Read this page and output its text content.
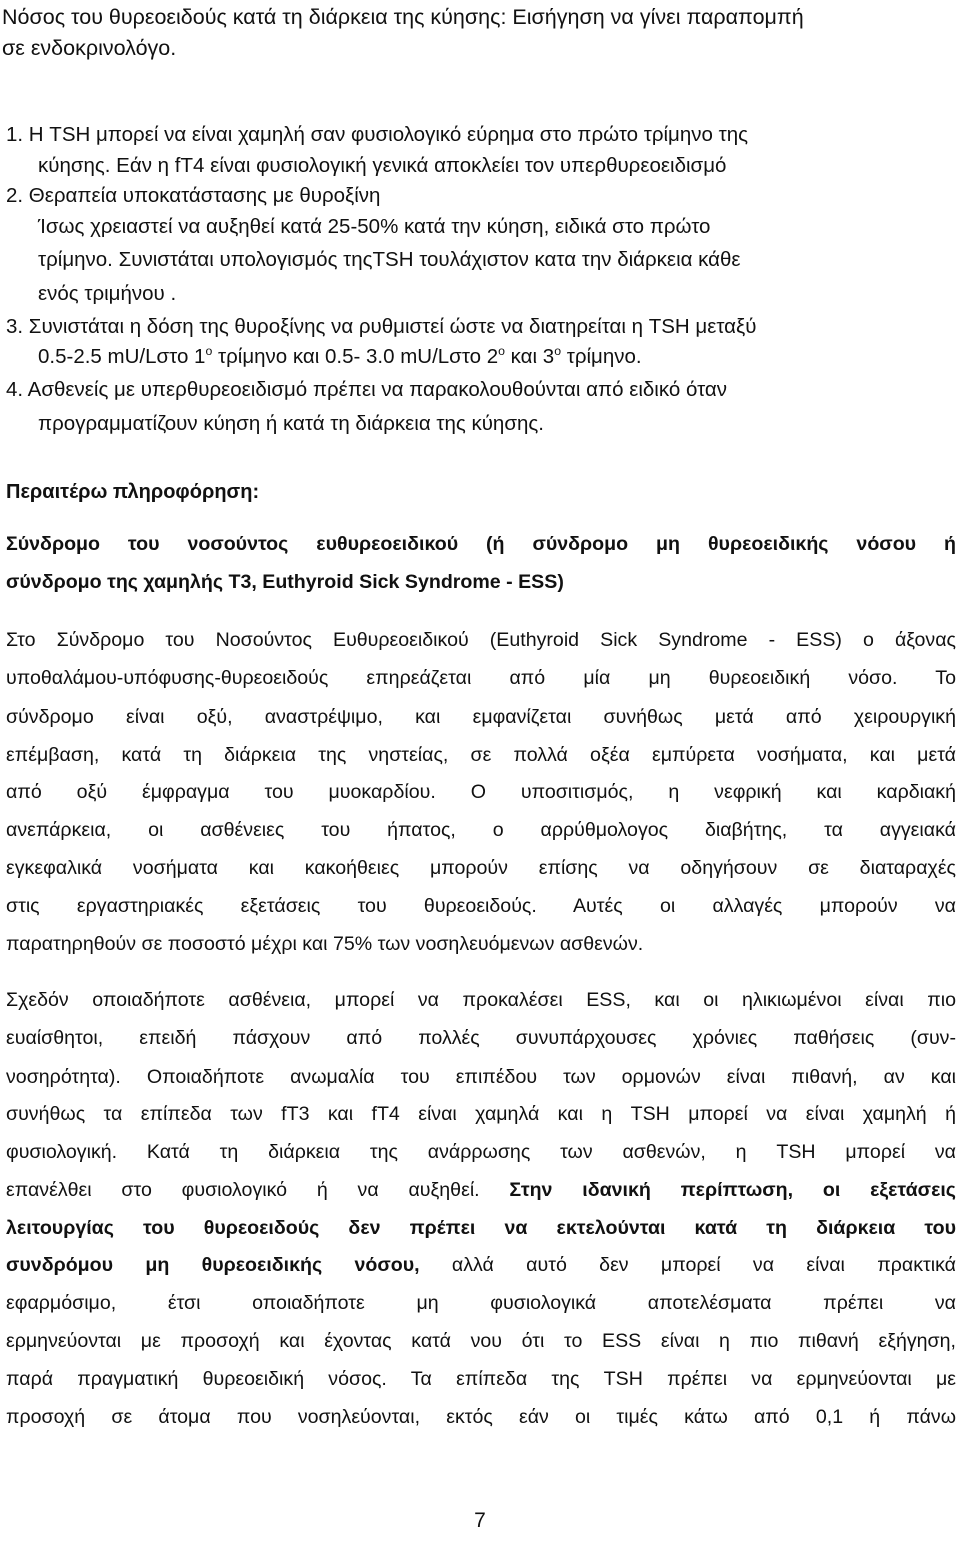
Νόσος του θυρεοειδούς κατά τη διάρκεια της κύησης: Εισήγηση να γίνει παραπομπή
σε ενδοκρινολόγο.
1. Η TSH μπορεί να είναι χαμηλή σαν φυσιολογικό εύρημα στο πρώτο τρίμηνο της
κύησης. Εάν η fT4 είναι φυσιολογική γενικά αποκλείει τον υπερθυρεοειδισμό
2. Θεραπεία υποκατάστασης με θυροξίνη
Ίσως χρειαστεί να αυξηθεί κατά 25-50% κατά την κύηση, ειδικά στο πρώτο
τρίμηνο. Συνιστάται υπολογισμός τηςTSH τουλάχιστον κατα την διάρκεια κάθε
ενός τριμήνου .
3. Συνιστάται η δόση της θυροξίνης να ρυθμιστεί ώστε να διατηρείται η TSH μεταξύ
0.5-2.5 mU/Lστο $1^o$ τρίμηνο και 0.5- 3.0 mU/Lστο $2^o$ και $3^o$ τρίμηνο.
4. Ασθενείς με υπερθυρεοειδισμό πρέπει να παρακολουθούνται από ειδικό όταν
προγραμματίζουν κύηση ή κατά τη διάρκεια της κύησης.
Περαιτέρω πληροφόρηση:
Σύνδρομο του νοσούντος ευθυρεοειδικού (ή σύνδρομο μη θυρεοειδικής νόσου ή
σύνδρομο της χαμηλής T3, Euthyroid Sick Syndrome - ESS)
Στο Σύνδρομο του Νοσούντος Ευθυρεοειδικού (Euthyroid Sick Syndrome - ESS) ο άξονας
υποθαλάμου-υπόφυσης-θυρεοειδούς επηρεάζεται από μία μη θυρεοειδική νόσο. Το
σύνδρομο είναι οξύ, αναστρέψιμο, και εμφανίζεται συνήθως μετά από χειρουργική
επέμβαση, κατά τη διάρκεια της νηστείας, σε πολλά οξέα εμπύρετα νοσήματα, και μετά
από οξύ έμφραγμα του μυοκαρδίου. Ο υποσιτισμός, η νεφρική και καρδιακή
ανεπάρκεια, οι ασθένειες του ήπατος, ο αρρύθμολογος διαβήτης, τα αγγειακά
εγκεφαλικά νοσήματα και κακοήθειες μπορούν επίσης να οδηγήσουν σε διαταραχές
στις εργαστηριακές εξετάσεις του θυρεοειδούς. Αυτές οι αλλαγές μπορούν να
παρατηρηθούν σε ποσοστό μέχρι και 75% των νοσηλευόμενων ασθενών.
Σχεδόν οποιαδήποτε ασθένεια, μπορεί να προκαλέσει ESS, και οι ηλικιωμένοι είναι πιο
ευαίσθητοι, επειδή πάσχουν από πολλές συνυπάρχουσες χρόνιες παθήσεις (συν-
νοσηρότητα). Οποιαδήποτε ανωμαλία του επιπέδου των ορμονών είναι πιθανή, αν και
συνήθως τα επίπεδα των fT3 και fT4 είναι χαμηλά και η TSH μπορεί να είναι χαμηλή ή
φυσιολογική. Κατά τη διάρκεια της ανάρρωσης των ασθενών, η TSH μπορεί να
επανέλθει στο φυσιολογικό ή να αυξηθεί. Στην ιδανική περίπτωση, οι εξετάσεις
λειτουργίας του θυρεοειδούς δεν πρέπει να εκτελούνται κατά τη διάρκεια του
συνδρόμου μη θυρεοειδικής νόσου, αλλά αυτό δεν μπορεί να είναι πρακτικά
εφαρμόσιμο, έτσι οποιαδήποτε μη φυσιολογικά αποτελέσματα πρέπει να
ερμηνεύονται με προσοχή και έχοντας κατά νου ότι το ESS είναι η πιο πιθανή εξήγηση,
παρά πραγματική θυρεοειδική νόσος. Τα επίπεδα της TSH πρέπει να ερμηνεύονται με
προσοχή σε άτομα που νοσηλεύονται, εκτός εάν οι τιμές κάτω από 0,1 ή πάνω
7
